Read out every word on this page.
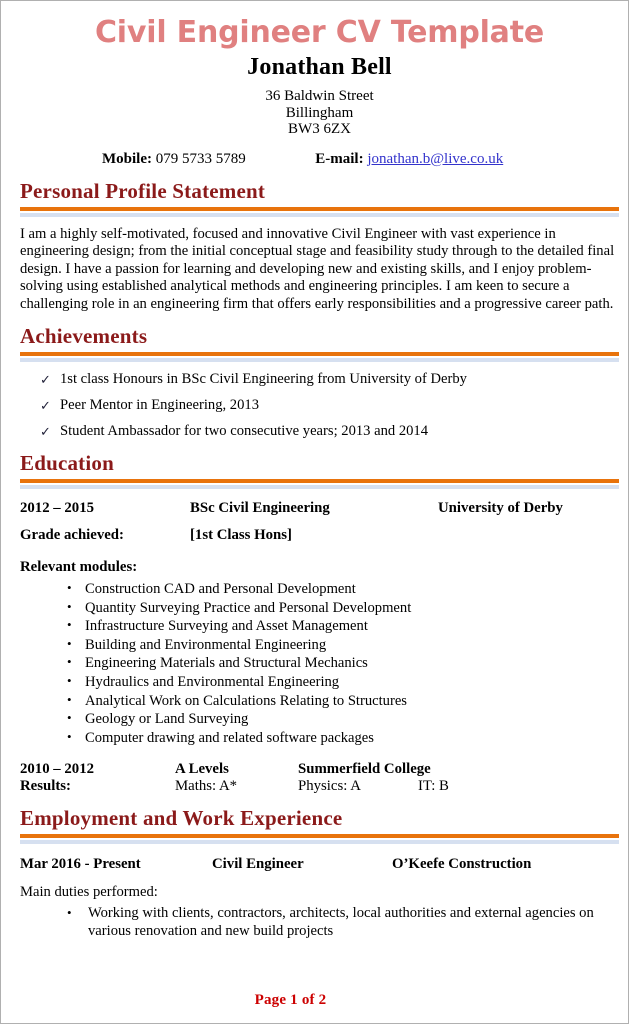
Civil Engineer CV Template
Jonathan Bell
36 Baldwin Street
Billingham
BW3 6ZX
Mobile: 079 5733 5789	E-mail: jonathan.b@live.co.uk
Personal Profile Statement

I am a highly self-motivated, focused and innovative Civil Engineer with vast experience in engineering design; from the initial conceptual stage and feasibility study through to the detailed final design. I have a passion for learning and developing new and existing skills, and I enjoy problem-solving using established analytical methods and engineering principles. I am keen to secure a challenging role in an engineering firm that offers early responsibilities and a progressive career path.

Achievements
✓ 1st class Honours in BSc Civil Engineering from University of Derby
✓ Peer Mentor in Engineering, 2013
✓ Student Ambassador for two consecutive years; 2013 and 2014
Education
2012 – 2015	BSc Civil Engineering	University of Derby
Grade achieved:	[1st Class Hons]
Relevant modules:
• Construction CAD and Personal Development
• Quantity Surveying Practice and Personal Development
• Infrastructure Surveying and Asset Management
• Building and Environmental Engineering
• Engineering Materials and Structural Mechanics
• Hydraulics and Environmental Engineering
• Analytical Work on Calculations Relating to Structures
• Geology or Land Surveying
• Computer drawing and related software packages
2010 – 2012	A Levels	Summerfield College
Results:	Maths: A*	Physics: A	IT: B
Employment and Work Experience
Mar 2016 - Present	Civil Engineer	O’Keefe Construction
Main duties performed:
• Working with clients, contractors, architects, local authorities and external agencies on various renovation and new build projects
Page 1 of 2
